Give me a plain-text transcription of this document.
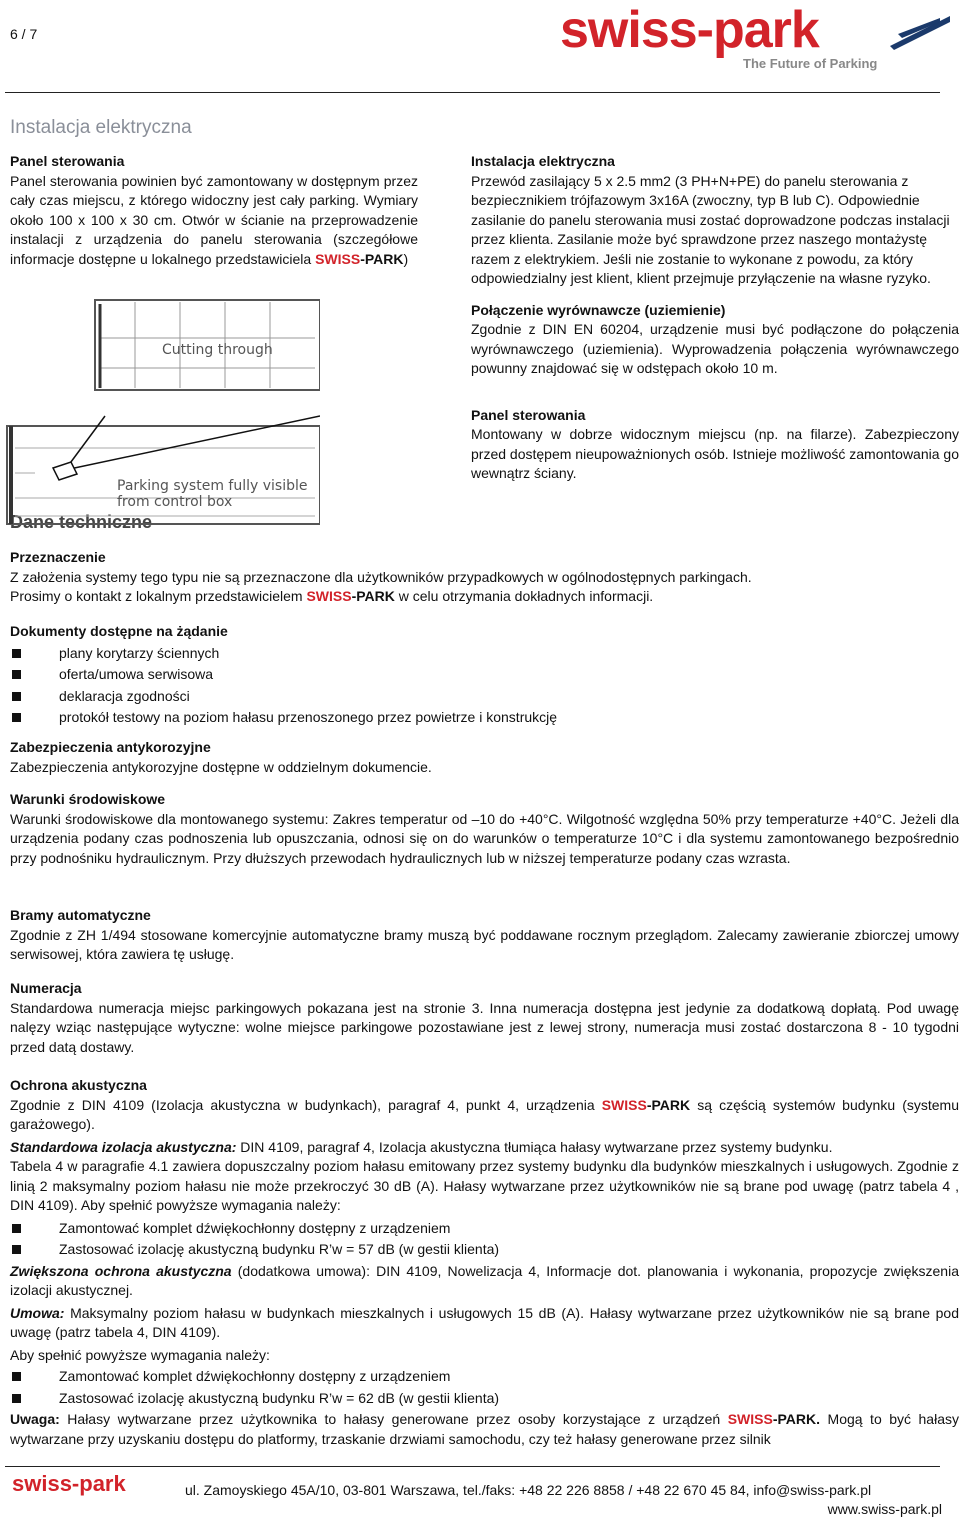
6 / 7	swiss-park
The Future of Parking
Instalacja elektryczna
Panel sterowania

Panel sterowania powinien być zamontowany w dostępnym przez cały czas miejscu, z którego widoczny jest cały parking. Wymiary około 100 x 100 x 30 cm. Otwór w ścianie na przeprowadzenie instalacji z urządzenia do panelu sterowania (szczegółowe informacje dostępne u lokalnego przedstawiciela SWISS-PARK)

Cutting through
Parking system fully visible
from control box
Dane techniczne
Instalacja elektryczna

Przewód zasilający 5 x 2.5 mm2 (3 PH+N+PE) do panelu sterowania z bezpiecznikiem trójfazowym 3x16A (zwoczny, typ B lub C). Odpowiednie zasilanie do panelu sterowania musi zostać doprowadzone podczas instalacji przez klienta. Zasilanie może być sprawdzone przez naszego montażystę razem z elektrykiem. Jeśli nie zostanie to wykonane z powodu, za który odpowiedzialny jest klient, klient przejmuje przyłączenie na własne ryzyko.

Połączenie wyrównawcze (uziemienie)

Zgodnie z DIN EN 60204, urządzenie musi być podłączone do połączenia wyrównawczego (uziemienia). Wyprowadzenia połączenia wyrównawczego powunny znajdować się w odstępach około 10 m.

Panel sterowania

Montowany w dobrze widocznym miejscu (np. na filarze). Zabezpieczony przed dostępem nieupoważnionych osób. Istnieje możliwość zamontowania go wewnątrz ściany.

Przeznaczenie

Z założenia systemy tego typu nie są przeznaczone dla użytkowników przypadkowych w ogólnodostępnych parkingach.

Prosimy o kontakt z lokalnym przedstawicielem SWISS-PARK w celu otrzymania dokładnych informacji.

Dokumenty dostępne na żądanie
plany korytarzy ściennych
oferta/umowa serwisowa
deklaracja zgodności
protokół testowy na poziom hałasu przenoszonego przez powietrze i konstrukcję
Zabezpieczenia antykorozyjne

Zabezpieczenia antykorozyjne dostępne w oddzielnym dokumencie.

Warunki środowiskowe

Warunki środowiskowe dla montowanego systemu: Zakres temperatur od –10 do +40°C. Wilgotność względna 50% przy temperaturze +40°C. Jeżeli dla urządzenia podany czas podnoszenia lub opuszczania, odnosi się on do warunków o temperaturze 10°C i dla systemu zamontowanego bezpośrednio przy podnośniku hydraulicznym. Przy dłuższych przewodach hydraulicznych lub w niższej temperaturze podany czas wzrasta.

Bramy automatyczne

Zgodnie z ZH 1/494 stosowane komercyjnie automatyczne bramy muszą być poddawane rocznym przeglądom. Zalecamy zawieranie zbiorczej umowy serwisowej, która zawiera tę usługę.

Numeracja

Standardowa numeracja miejsc parkingowych pokazana jest na stronie 3. Inna numeracja dostępna jest jedynie za dodatkową dopłatą. Pod uwagę nalęzy wziąc następujące wytyczne: wolne miejsce parkingowe pozostawiane jest z lewej strony, numeracja musi zostać dostarczona 8 - 10 tygodni przed datą dostawy.

Ochrona akustyczna

Zgodnie z DIN 4109 (Izolacja akustyczna w budynkach), paragraf 4, punkt 4, urządzenia SWISS-PARK są częścią systemów budynku (systemu garażowego).

Standardowa izolacja akustyczna: DIN 4109, paragraf 4, Izolacja akustyczna tłumiąca hałasy wytwarzane przez systemy budynku.

Tabela 4 w paragrafie 4.1 zawiera dopuszczalny poziom hałasu emitowany przez systemy budynku dla budynków mieszkalnych i usługowych. Zgodnie z linią 2 maksymalny poziom hałasu nie może przekroczyć 30 dB (A). Hałasy wytwarzane przez użytkowników nie są brane pod uwagę (patrz tabela 4 , DIN 4109). Aby spełnić powyższe wymagania należy:

Zamontować komplet dźwiękochłonny dostępny z urządzeniem
Zastosować izolację akustyczną budynku R’w = 57 dB (w gestii klienta)

Zwiększona ochrona akustyczna (dodatkowa umowa): DIN 4109, Nowelizacja 4, Informacje dot. planowania i wykonania, propozycje zwiększenia izolacji akustycznej.

Umowa: Maksymalny poziom hałasu w budynkach mieszkalnych i usługowych 15 dB (A). Hałasy wytwarzane przez użytkowników nie są brane pod uwagę (patrz tabela 4, DIN 4109).

Aby spełnić powyższe wymagania należy:

Zamontować komplet dźwiękochłonny dostępny z urządzeniem
Zastosować izolację akustyczną budynku R’w = 62 dB (w gestii klienta)

Uwaga: Hałasy wytwarzane przez użytkownika to hałasy generowane przez osoby korzystające z urządzeń SWISS-PARK. Mogą to być hałasy wytwarzane przy uzyskaniu dostępu do platformy, trzaskanie drzwiami samochodu, czy też hałasy generowane przez silnik

swiss-park	ul. Zamoyskiego 45A/10, 03-801 Warszawa, tel./faks: +48 22 226 8858 / +48 22 670 45 84, info@swiss-park.pl
www.swiss-park.pl
